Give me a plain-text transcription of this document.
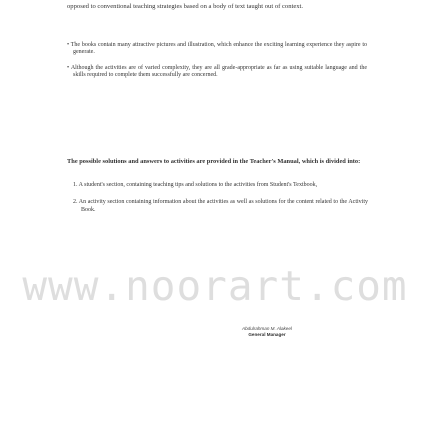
opposed to conventional teaching strategies based on a body of text taught out of context.
• The books contain many attractive pictures and illustration, which enhance the exciting learning experience they aspire to generate.
• Although the activities are of varied complexity, they are all grade-appropriate as far as using suitable language and the skills required to complete them successfully are concerned.
The possible solutions and answers to activities are provided in the Teacher's Manual, which is divided into:
1. A student's section, containing teaching tips and solutions to the activities from Student's Textbook,
2. An activity section containing information about the activities as well as solutions for the content related to the Activity Book.
www.noorart.com
Abdulrahman M. Alakeel
General Manager
